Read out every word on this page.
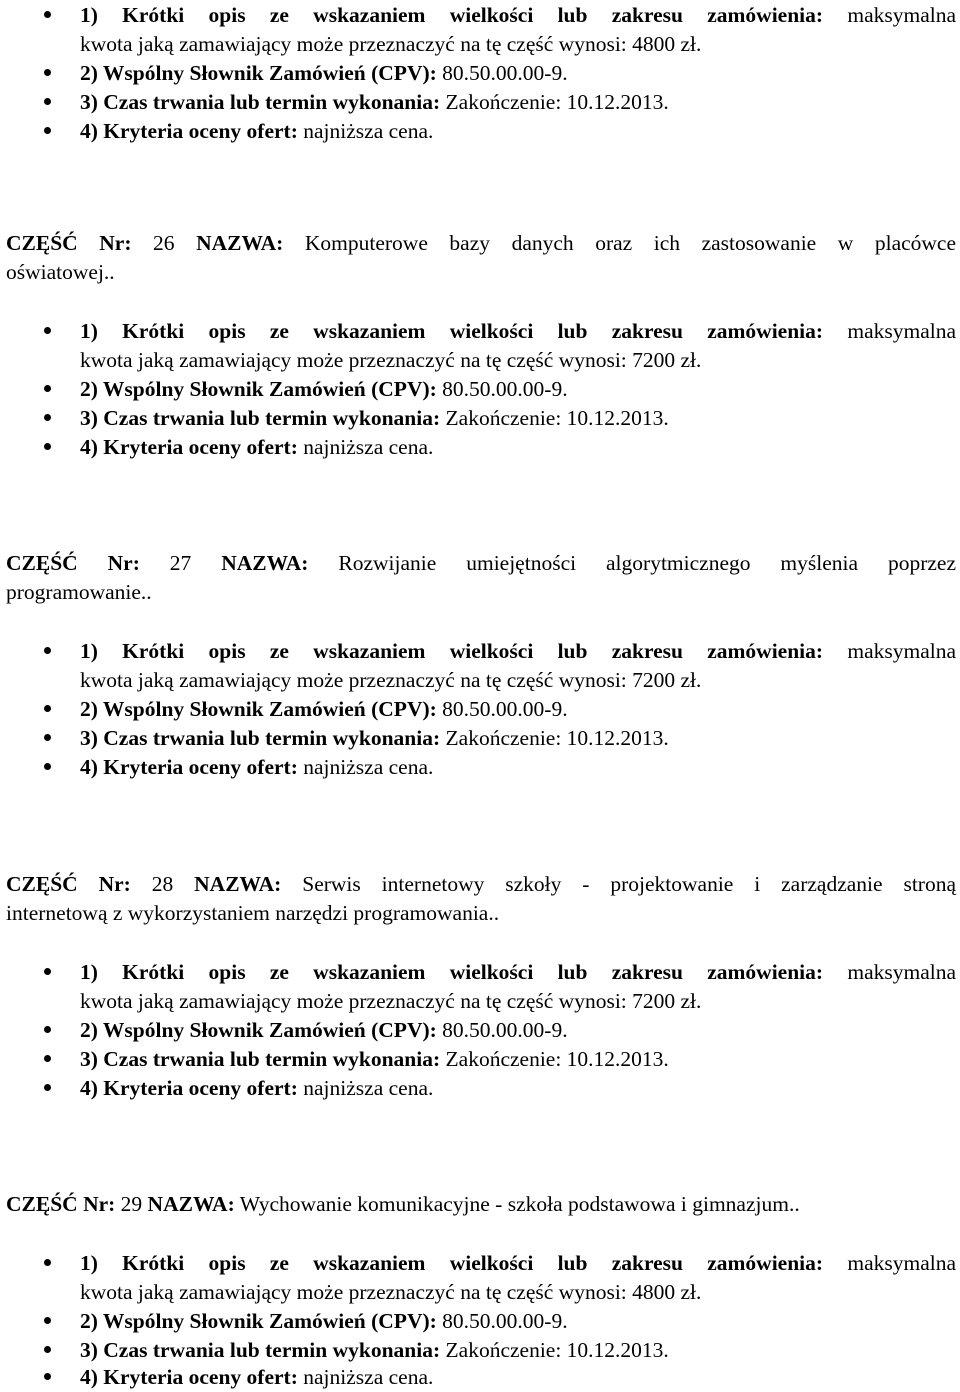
1) Krótki opis ze wskazaniem wielkości lub zakresu zamówienia: maksymalna
kwota jaką zamawiający może przeznaczyć na tę część wynosi: 4800 zł.
2) Wspólny Słownik Zamówień (CPV): 80.50.00.00-9.
3) Czas trwania lub termin wykonania: Zakończenie: 10.12.2013.
4) Kryteria oceny ofert: najniższa cena.
CZĘŚĆ Nr: 26 NAZWA: Komputerowe bazy danych oraz ich zastosowanie w placówce
oświatowej..
1) Krótki opis ze wskazaniem wielkości lub zakresu zamówienia: maksymalna
kwota jaką zamawiający może przeznaczyć na tę część wynosi: 7200 zł.
2) Wspólny Słownik Zamówień (CPV): 80.50.00.00-9.
3) Czas trwania lub termin wykonania: Zakończenie: 10.12.2013.
4) Kryteria oceny ofert: najniższa cena.
CZĘŚĆ Nr: 27 NAZWA: Rozwijanie umiejętności algorytmicznego myślenia poprzez
programowanie..
1) Krótki opis ze wskazaniem wielkości lub zakresu zamówienia: maksymalna
kwota jaką zamawiający może przeznaczyć na tę część wynosi: 7200 zł.
2) Wspólny Słownik Zamówień (CPV): 80.50.00.00-9.
3) Czas trwania lub termin wykonania: Zakończenie: 10.12.2013.
4) Kryteria oceny ofert: najniższa cena.
CZĘŚĆ Nr: 28 NAZWA: Serwis internetowy szkoły - projektowanie i zarządzanie stroną
internetową z wykorzystaniem narzędzi programowania..
1) Krótki opis ze wskazaniem wielkości lub zakresu zamówienia: maksymalna
kwota jaką zamawiający może przeznaczyć na tę część wynosi: 7200 zł.
2) Wspólny Słownik Zamówień (CPV): 80.50.00.00-9.
3) Czas trwania lub termin wykonania: Zakończenie: 10.12.2013.
4) Kryteria oceny ofert: najniższa cena.
CZĘŚĆ Nr: 29 NAZWA: Wychowanie komunikacyjne - szkoła podstawowa i gimnazjum..
1) Krótki opis ze wskazaniem wielkości lub zakresu zamówienia: maksymalna
kwota jaką zamawiający może przeznaczyć na tę część wynosi: 4800 zł.
2) Wspólny Słownik Zamówień (CPV): 80.50.00.00-9.
3) Czas trwania lub termin wykonania: Zakończenie: 10.12.2013.
4) Kryteria oceny ofert: najniższa cena.
